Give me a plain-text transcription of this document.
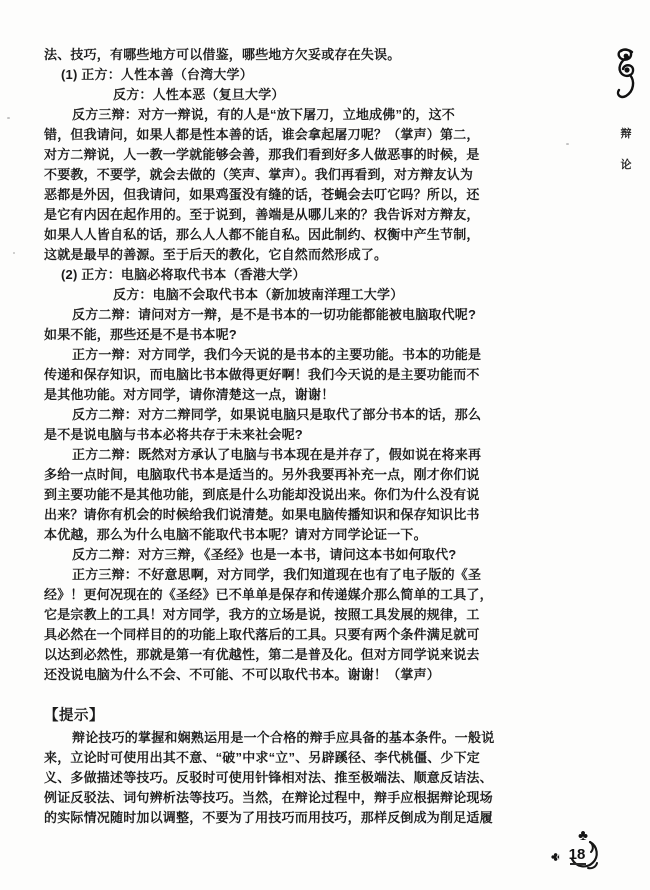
法、技巧，有哪些地方可以借鉴，哪些地方欠妥或存在失误。
(1) 正方：人性本善（台湾大学）
反方：人性本恶（复旦大学）
反方三辩：对方一辩说，有的人是“放下屠刀，立地成佛”的，这不
错，但我请问，如果人都是性本善的话，谁会拿起屠刀呢？（掌声）第二，
对方二辩说，人一教一学就能够会善，那我们看到好多人做恶事的时候，是
不要教，不要学，就会去做的（笑声、掌声）。我们再看到，对方辩友认为
恶都是外因，但我请问，如果鸡蛋没有缝的话，苍蝇会去叮它吗？所以，还
是它有内因在起作用的。至于说到，善端是从哪儿来的？我告诉对方辩友，
如果人人皆自私的话，那么人人都不能自私。因此制约、权衡中产生节制，
这就是最早的善源。至于后天的教化，它自然而然形成了。
(2) 正方：电脑必将取代书本（香港大学）
反方：电脑不会取代书本（新加坡南洋理工大学）
反方二辩：请问对方一辩，是不是书本的一切功能都能被电脑取代呢?
如果不能，那些还是不是书本呢?
正方一辩：对方同学，我们今天说的是书本的主要功能。书本的功能是
传递和保存知识，而电脑比书本做得更好啊！我们今天说的是主要功能而不
是其他功能。对方同学，请你清楚这一点，谢谢！
反方二辩：对方二辩同学，如果说电脑只是取代了部分书本的话，那么
是不是说电脑与书本必将共存于未来社会呢?
正方二辩：既然对方承认了电脑与书本现在是并存了，假如说在将来再
多给一点时间，电脑取代书本是适当的。另外我要再补充一点，刚才你们说
到主要功能不是其他功能，到底是什么功能却没说出来。你们为什么没有说
出来？请你有机会的时候给我们说清楚。如果电脑传播知识和保存知识比书
本优越，那么为什么电脑不能取代书本呢？请对方同学论证一下。
反方二辩：对方三辩，《圣经》也是一本书，请问这本书如何取代?
正方三辩：不好意思啊，对方同学，我们知道现在也有了电子版的《圣
经》！更何况现在的《圣经》已不单单是保存和传递媒介那么简单的工具了，
它是宗教上的工具！对方同学，我方的立场是说，按照工具发展的规律，工
具必然在一个同样目的的功能上取代落后的工具。只要有两个条件满足就可
以达到必然性，那就是第一有优越性，第二是普及化。但对方同学说来说去
还没说电脑为什么不会、不可能、不可以取代书本。谢谢！（掌声）
【提示】
辩论技巧的掌握和娴熟运用是一个合格的辩手应具备的基本条件。一般说
来，立论时可使用出其不意、“破”中求“立”、另辟蹊径、李代桃僵、少下定
义、多做描述等技巧。反驳时可使用针锋相对法、推至极端法、顺意反诘法、
例证反驳法、词句辨析法等技巧。当然，在辩论过程中，辩手应根据辩论现场
的实际情况随时加以调整，不要为了用技巧而用技巧，那样反倒成为削足适履
辩
论
♣
♣ 18
